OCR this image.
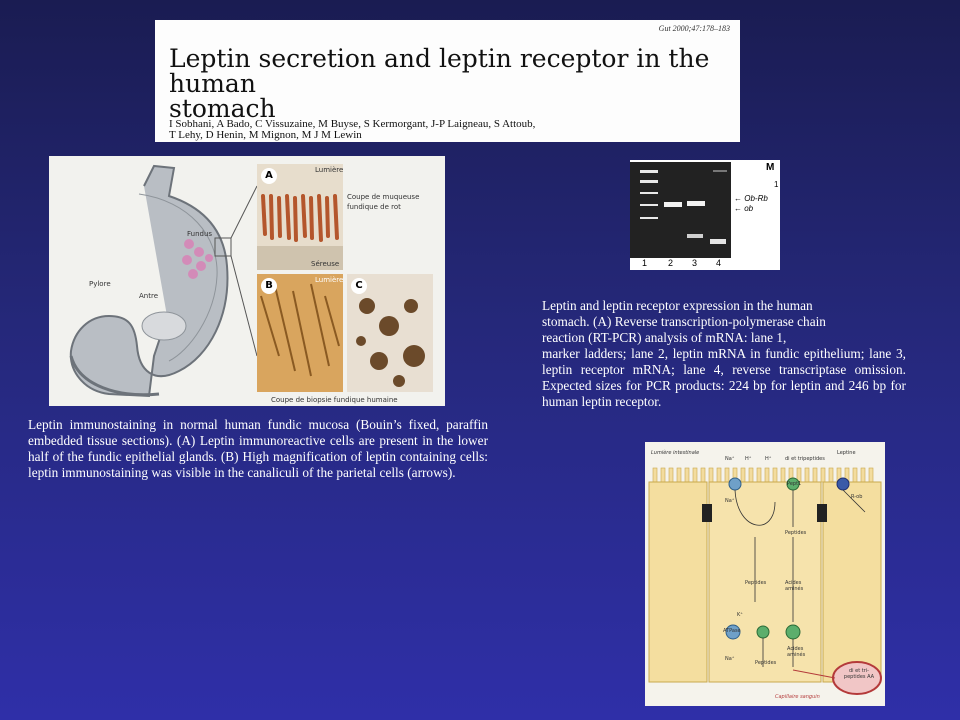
Gut 2000;47:178–183
Leptin secretion and leptin receptor in the human
stomach
I Sobhani, A Bado, C Vissuzaine, M Buyse, S Kermorgant, J-P Laigneau, S Attoub,
T Lehy, D Henin, M Mignon, M J M Lewin
A
B	C
Lumière
Séreuse
Coupe de muqueuse fundique de rot
Fundus
Pylore
Antre
Lumière
Coupe de biopsie fundique humaine
1 2 3 4
M
1
← Ob-Rb
← ob
Leptin immunostaining in normal human fundic mucosa (Bouin’s fixed, paraffin embedded tissue sections). (A) Leptin immunoreactive cells are present in the lower half of the fundic epithelial glands. (B) High magnification of leptin containing cells: leptin immunostaining was visible in the canaliculi of the parietal cells (arrows).
Leptin and leptin receptor expression in the human
stomach. (A) Reverse transcription-polymerase chain
reaction (RT-PCR) analysis of mRNA: lane 1,
marker ladders; lane 2, leptin mRNA in fundic epithelium; lane 3, leptin receptor mRNA; lane 4, reverse transcriptase omission. Expected sizes for PCR products: 224 bp for leptin and 246 bp for human leptin receptor.
Lumière intestinale	Leptine
Na⁺ H⁺	H⁺	di et tripeptides
Pept1
R-ob
Na⁺
Peptides
Peptides	Acides aminés
K⁺
Na⁺
ATPase
Acides aminés
Peptides
di et tri-peptides AA
Capillaire sanguin
